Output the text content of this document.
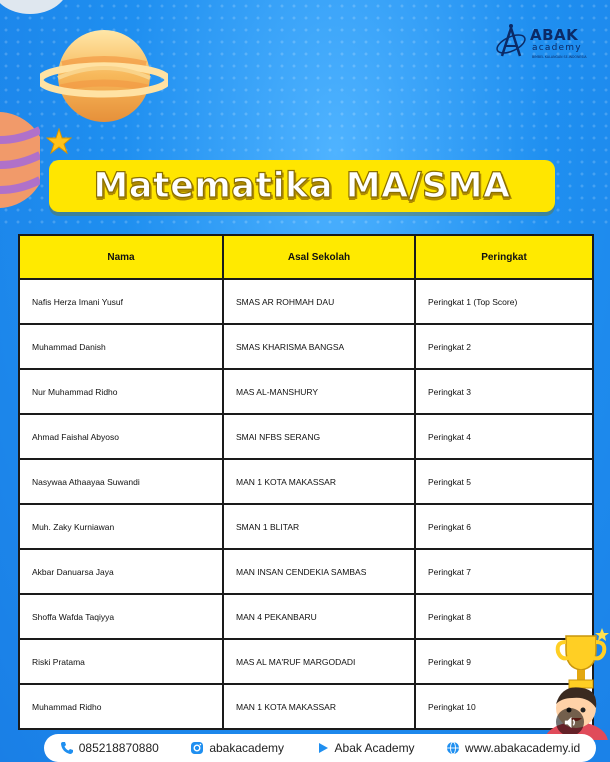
ABAK
academy
BIMBEL KALANGAN SE-INDONESIA
Matematika MA/SMA
Nama	Asal Sekolah	Peringkat
Nafis Herza Imani Yusuf	SMAS AR ROHMAH DAU	Peringkat 1 (Top Score)
Muhammad Danish	SMAS KHARISMA BANGSA	Peringkat 2
Nur Muhammad Ridho	MAS AL-MANSHURY	Peringkat 3
Ahmad Faishal Abyoso	SMAI NFBS SERANG	Peringkat 4
Nasywaa Athaayaa Suwandi	MAN 1 KOTA MAKASSAR	Peringkat 5
Muh. Zaky Kurniawan	SMAN 1 BLITAR	Peringkat 6
Akbar Danuarsa Jaya	MAN INSAN CENDEKIA SAMBAS	Peringkat 7
Shoffa Wafda Taqiyya	MAN 4 PEKANBARU	Peringkat 8
Riski Pratama	MAS AL MA'RUF MARGODADI	Peringkat 9
Muhammad Ridho	MAN 1 KOTA MAKASSAR	Peringkat 10
085218870880	abakacademy	Abak Academy	www.abakacademy.id
